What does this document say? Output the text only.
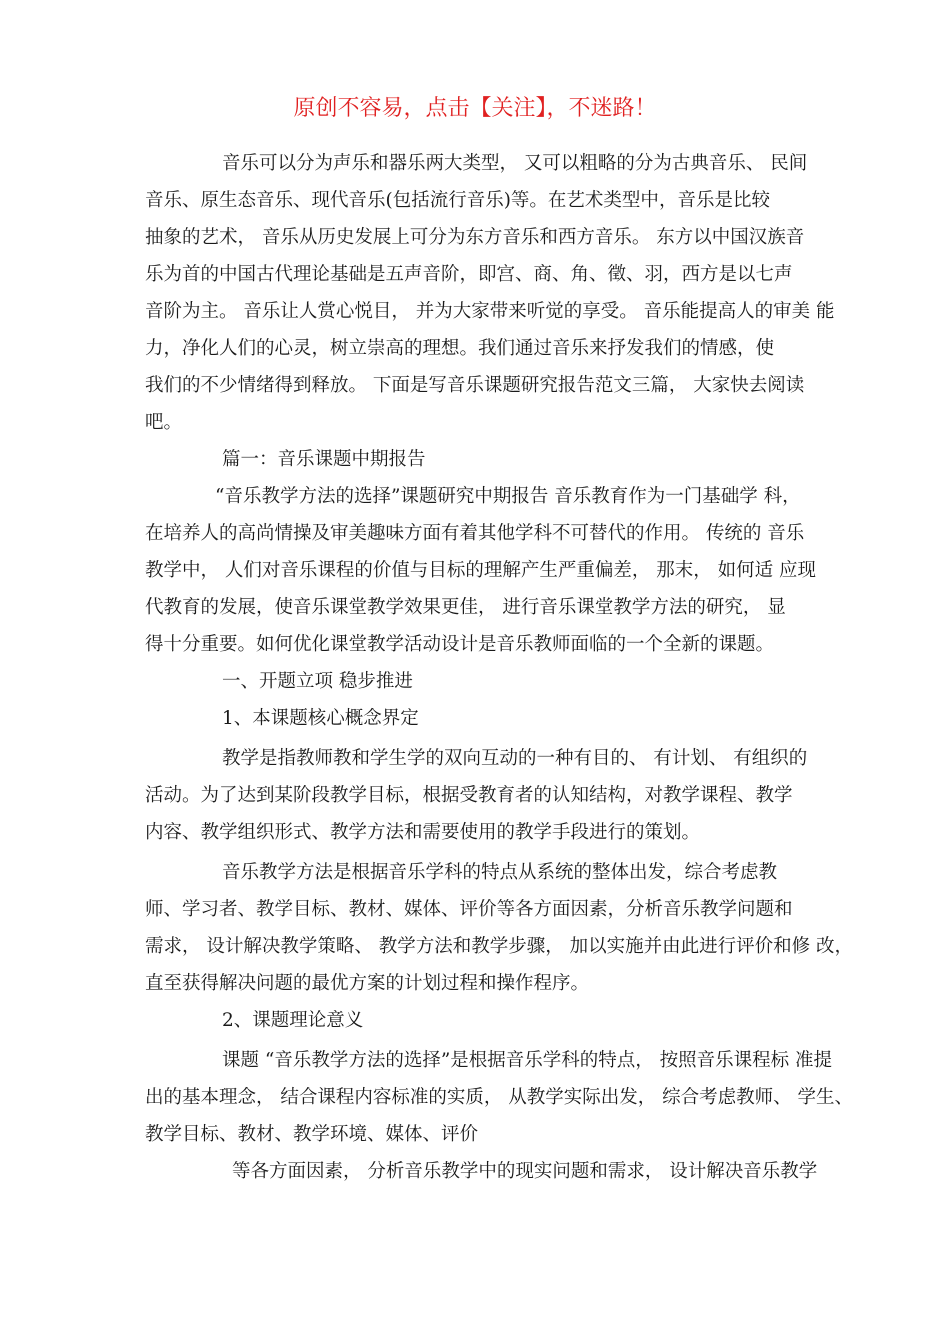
原创不容易，点击【关注】，不迷路！
音乐可以分为声乐和器乐两大类型， 又可以粗略的分为古典音乐、 民间
音乐、原生态音乐、现代音乐(包括流行音乐)等。在艺术类型中，音乐是比较
抽象的艺术， 音乐从历史发展上可分为东方音乐和西方音乐。 东方以中国汉族音
乐为首的中国古代理论基础是五声音阶，即宫、商、角、徵、羽，西方是以七声
音阶为主。 音乐让人赏心悦目， 并为大家带来听觉的享受。 音乐能提高人的审美 能
力，净化人们的心灵，树立崇高的理想。我们通过音乐来抒发我们的情感，使
我们的不少情绪得到释放。 下面是写音乐课题研究报告范文三篇， 大家快去阅读
吧。
篇一：音乐课题中期报告
“音乐教学方法的选择”课题研究中期报告 音乐教育作为一门基础学 科，
在培养人的高尚情操及审美趣味方面有着其他学科不可替代的作用。 传统的 音乐
教学中， 人们对音乐课程的价值与目标的理解产生严重偏差， 那末， 如何适 应现
代教育的发展，使音乐课堂教学效果更佳， 进行音乐课堂教学方法的研究， 显
得十分重要。如何优化课堂教学活动设计是音乐教师面临的一个全新的课题。
一、开题立项 稳步推进
1、本课题核心概念界定
教学是指教师教和学生学的双向互动的一种有目的、 有计划、 有组织的
活动。为了达到某阶段教学目标，根据受教育者的认知结构，对教学课程、教学
内容、教学组织形式、教学方法和需要使用的教学手段进行的策划。
音乐教学方法是根据音乐学科的特点从系统的整体出发，综合考虑教
师、学习者、教学目标、教材、媒体、评价等各方面因素，分析音乐教学问题和
需求， 设计解决教学策略、 教学方法和教学步骤， 加以实施并由此进行评价和修 改，
直至获得解决问题的最优方案的计划过程和操作程序。
2、课题理论意义
课题 “音乐教学方法的选择”是根据音乐学科的特点， 按照音乐课程标 准提
出的基本理念， 结合课程内容标准的实质， 从教学实际出发， 综合考虑教师、 学生、
教学目标、教材、教学环境、媒体、评价
等各方面因素， 分析音乐教学中的现实问题和需求， 设计解决音乐教学
